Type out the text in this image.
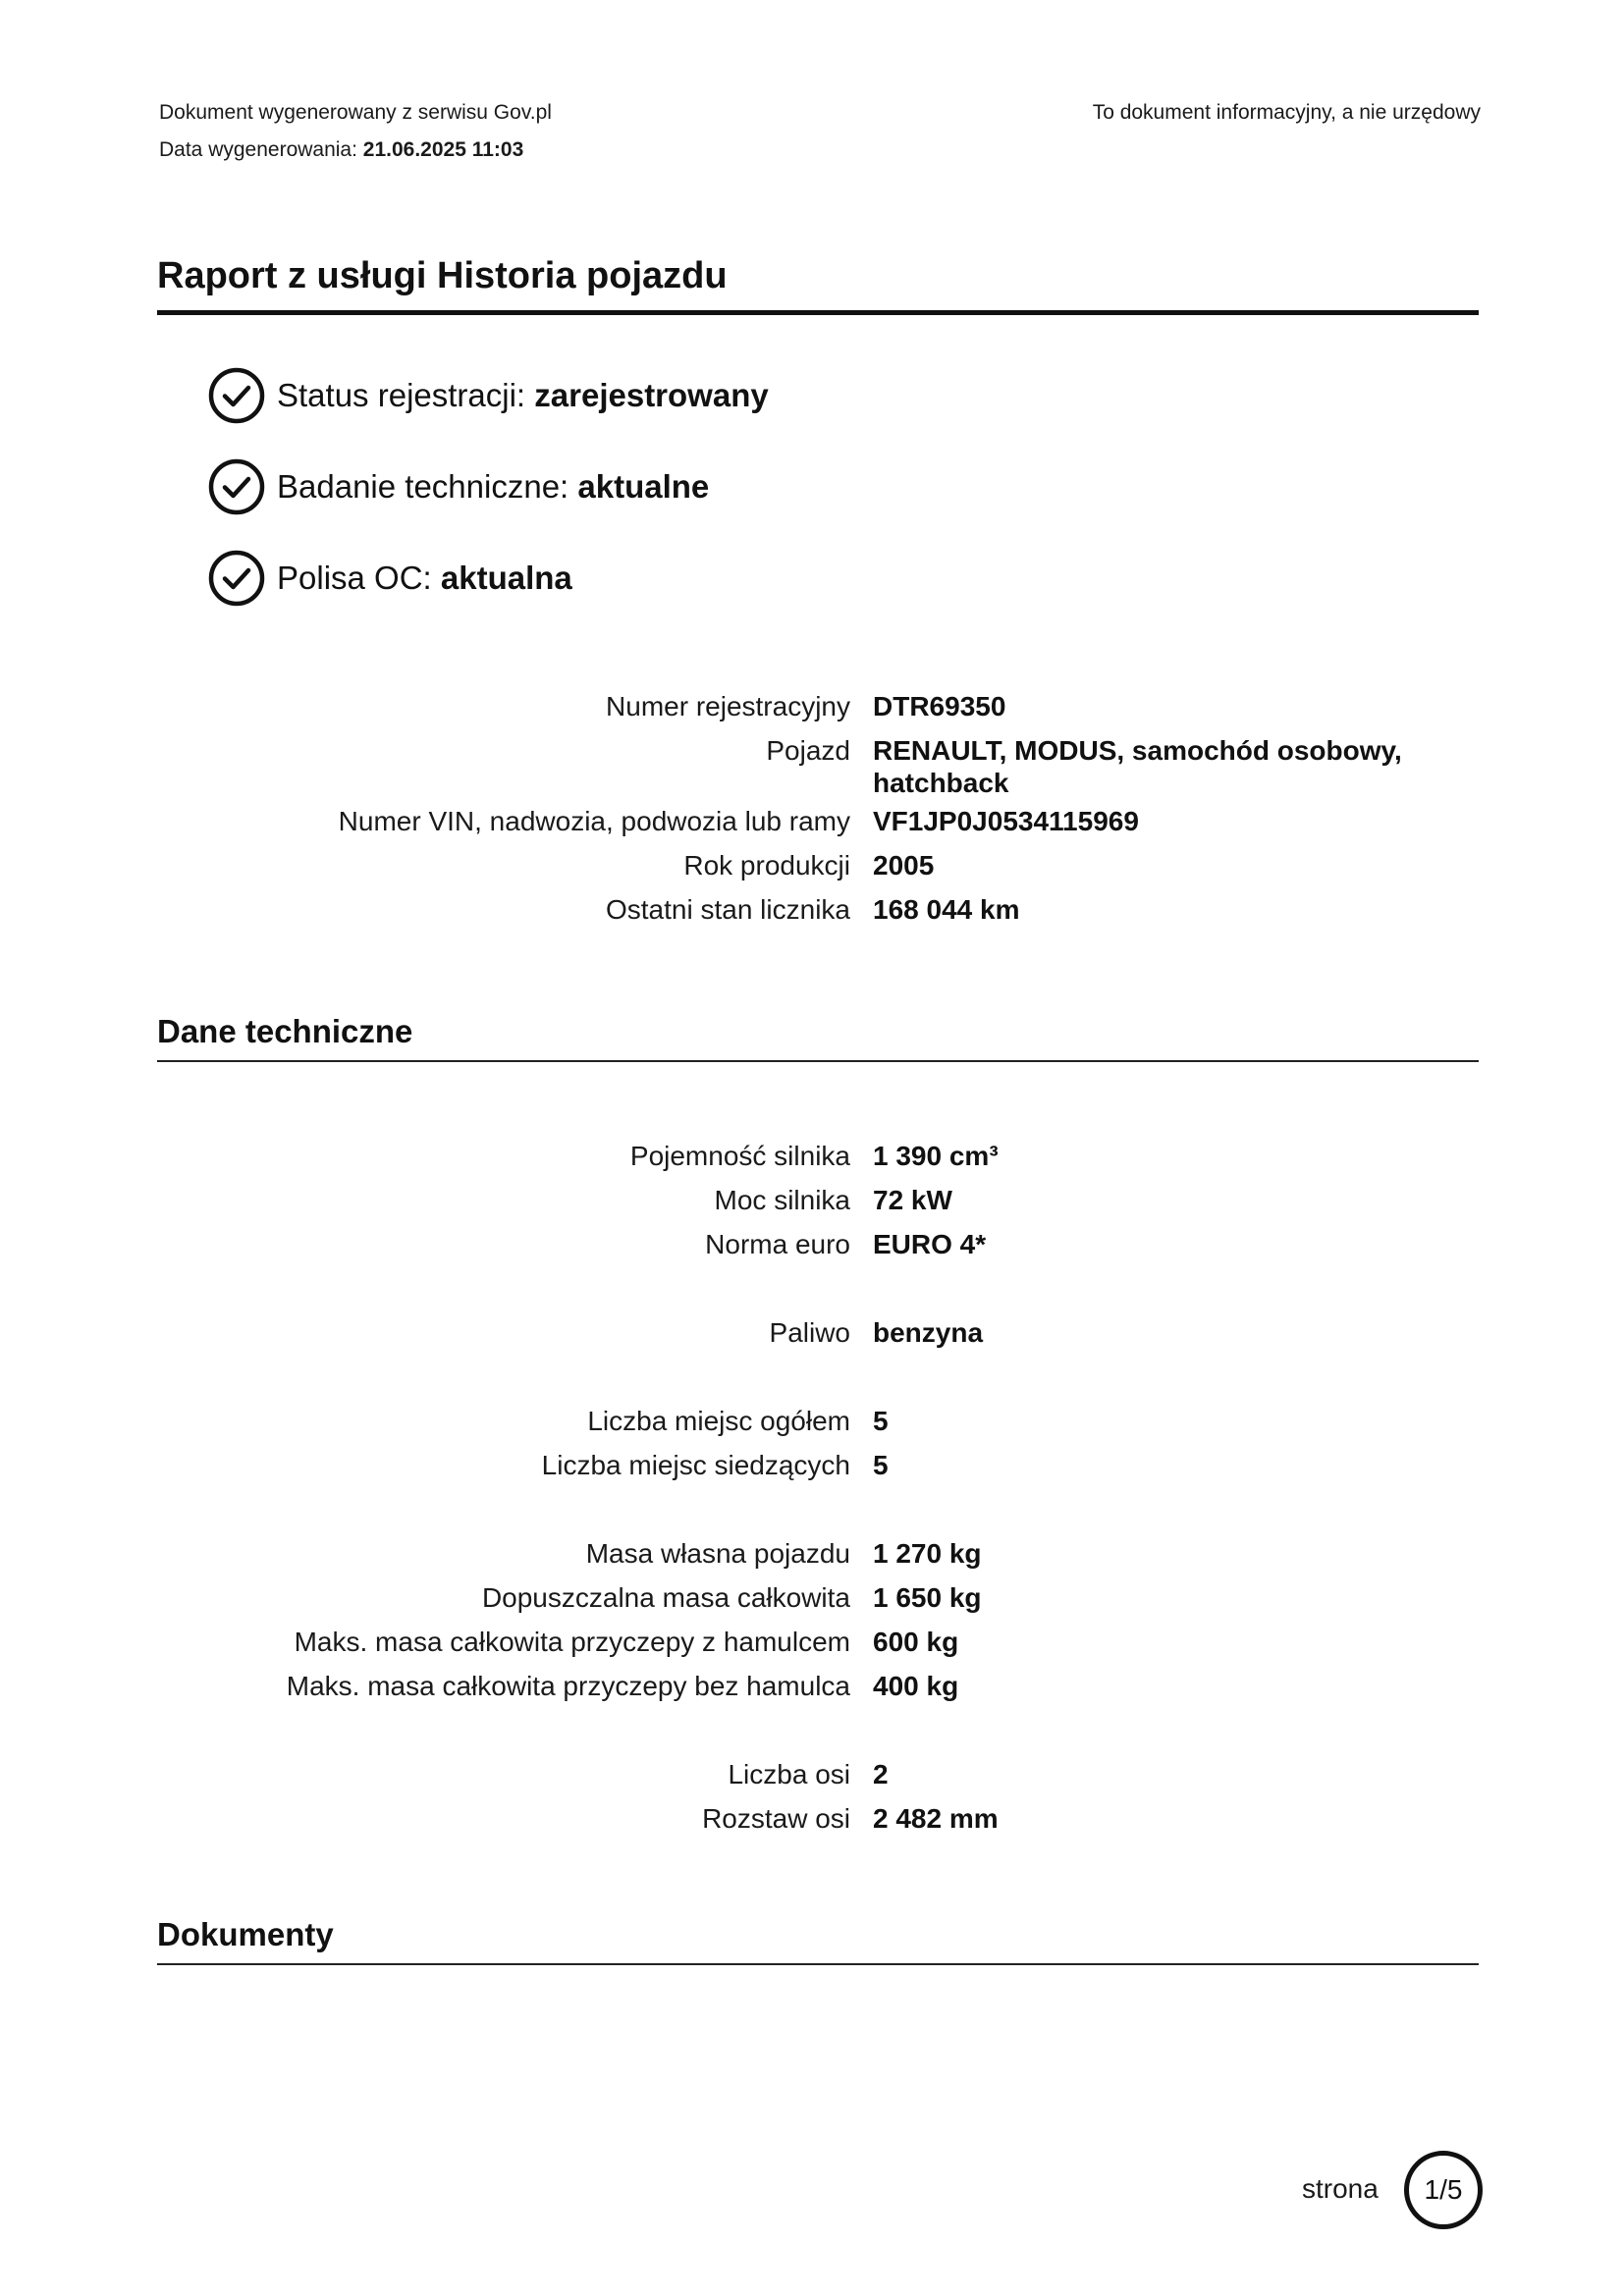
Dokument wygenerowany z serwisu Gov.pl
Data wygenerowania: 21.06.2025 11:03
To dokument informacyjny, a nie urzędowy
Raport z usługi Historia pojazdu
Status rejestracji: zarejestrowany
Badanie techniczne: aktualne
Polisa OC: aktualna
Numer rejestracyjny DTR69350
Pojazd RENAULT, MODUS, samochód osobowy, hatchback
Numer VIN, nadwozia, podwozia lub ramy VF1JP0J0534115969
Rok produkcji 2005
Ostatni stan licznika 168 044 km
Dane techniczne
Pojemność silnika 1 390 cm³
Moc silnika 72 kW
Norma euro EURO 4*
Paliwo benzyna
Liczba miejsc ogółem 5
Liczba miejsc siedzących 5
Masa własna pojazdu 1 270 kg
Dopuszczalna masa całkowita 1 650 kg
Maks. masa całkowita przyczepy z hamulcem 600 kg
Maks. masa całkowita przyczepy bez hamulca 400 kg
Liczba osi 2
Rozstaw osi 2 482 mm
Dokumenty
strona 1/5
